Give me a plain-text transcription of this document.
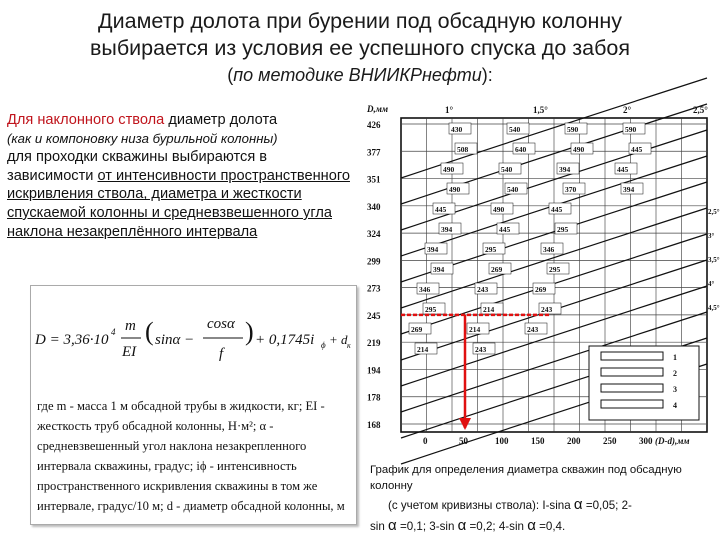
Диаметр долота при бурении под обсадную колонну
выбирается из условия ее успешного спуска до забоя
(по методике ВНИИКРнефти):
Для наклонного ствола диаметр долота
(как и компоновку низа бурильной колонны)
для проходки скважины выбираются в зависимости от интенсивности пространственного искривления ствола, диаметра и жесткости спускаемой колонны и средневзвешенного угла наклона незакреплённого интервала
D = 3,36·10 4 m
EI
( sinα −
cosα
f
) + 0,1745i ϕ + d к
где m - масса 1 м обсадной трубы в жидкости, кг; EI - жесткость труб обсадной колонны, Н·м²; α - средневзвешенный угол наклона незакрепленного интервала скважины, градус; iϕ - интенсивность пространственного искривления скважины в том же интервале, градус/10 м; d - диаметр обсадной колонны, м
426
377
351
340
324
299
273
245
219
194
178
168
D,мм
0	50	100	150	200	250	300 (D-d),мм
1°	1,5°	2°	2,5°
2,5°
3°
3,5°
4°
4,5°
430	540	590	590
508	640	490	445
490	540	394	445
490	540	370	394
445	490	445
394	445	295
394	295	346
394	269	295
346	243	269
295	214	243
269	214	243
214	243
1
2
3
4
График для определения диаметра скважин под обсадную колонну
(с учетом кривизны ствола): I-sina α =0,05; 2-
sin α =0,1; 3-sin α =0,2; 4-sin α =0,4.
